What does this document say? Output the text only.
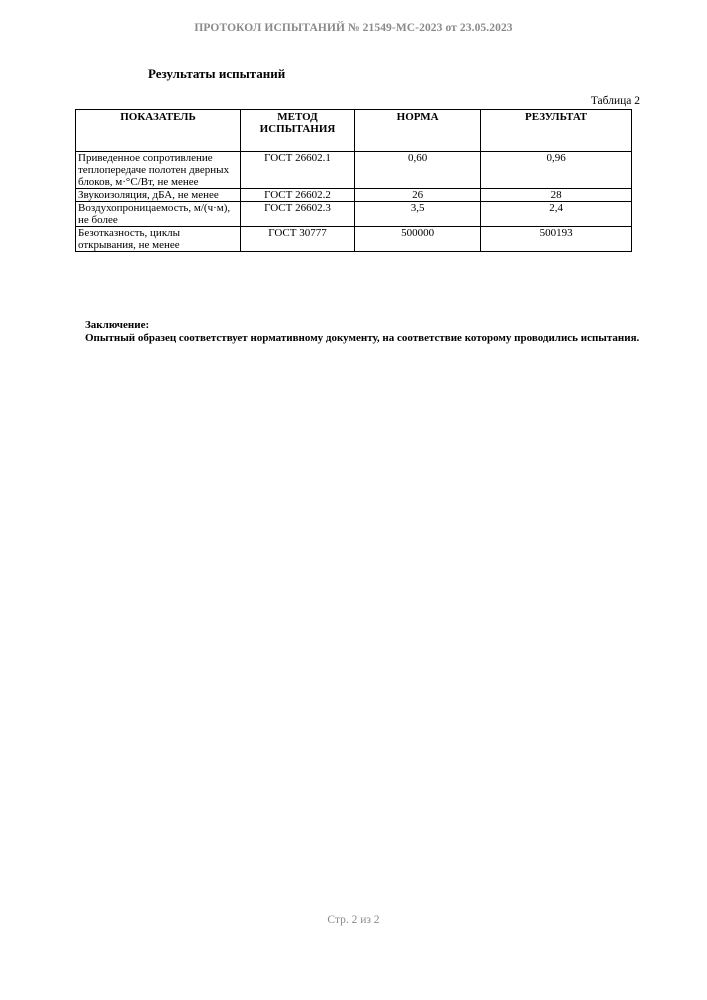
ПРОТОКОЛ ИСПЫТАНИЙ № 21549-МС-2023 от 23.05.2023
Результаты испытаний
Таблица 2
ПОКАЗАТЕЛЬ	МЕТОД ИСПЫТАНИЯ	НОРМА	РЕЗУЛЬТАТ
Приведенное сопротивление теплопередаче полотен дверных блоков, м·°С/Вт, не менее	ГОСТ 26602.1	0,60	0,96
Звукоизоляция, дБА, не менее	ГОСТ 26602.2	26	28
Воздухопроницаемость, м/(ч·м), не более	ГОСТ 26602.3	3,5	2,4
Безотказность, циклы открывания, не менее	ГОСТ 30777	500000	500193
Заключение:
Опытный образец соответствует нормативному документу, на соответствие которому проводились испытания.
Стр. 2 из 2
